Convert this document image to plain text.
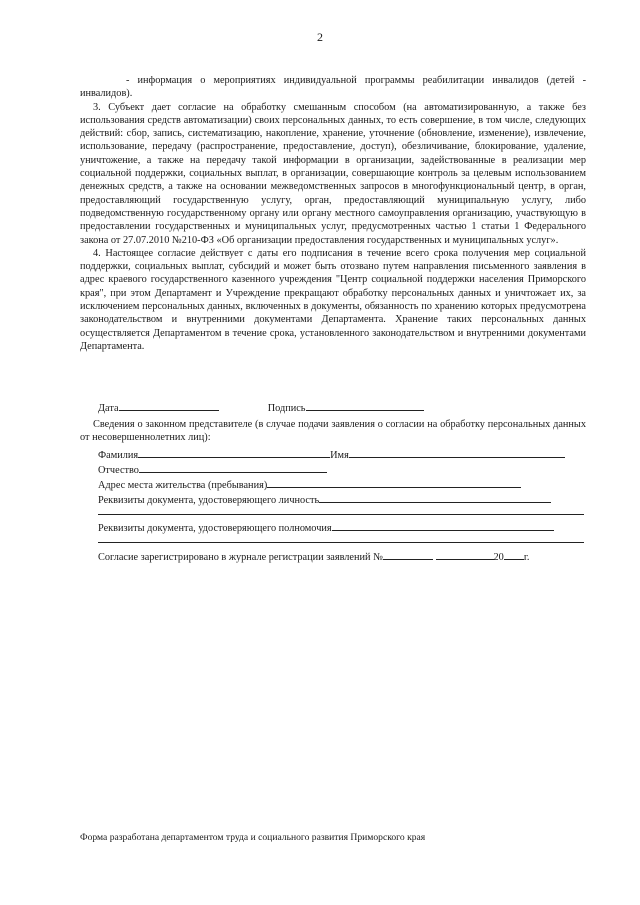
2

- информация о мероприятиях индивидуальной программы реабилитации инвалидов (детей - инвалидов).

3. Субъект дает согласие на обработку смешанным способом (на автоматизированную, а также без использования средств автоматизации) своих персональных данных, то есть совершение, в том числе, следующих действий: сбор, запись, систематизацию, накопление, хранение, уточнение (обновление, изменение), извлечение, использование, передачу (распространение, предоставление, доступ), обезличивание, блокирование, удаление, уничтожение, а также на передачу такой информации в организации, задействованные в реализации мер социальной поддержки, социальных выплат, в организации, совершающие контроль за целевым использованием денежных средств, а также на основании межведомственных запросов в многофункциональный центр, в орган, предоставляющий государственную услугу, орган, предоставляющий муниципальную услугу, либо подведомственную государственному органу или органу местного самоуправления организацию, участвующую в предоставлении государственных и муниципальных услуг, предусмотренных частью 1 статьи 1 Федерального закона от 27.07.2010 №210-ФЗ «Об организации предоставления государственных и муниципальных услуг».

4. Настоящее согласие действует с даты его подписания в течение всего срока получения мер социальной поддержки, социальных выплат, субсидий и может быть отозвано путем направления письменного заявления в адрес краевого государственного казенного учреждения "Центр социальной поддержки населения Приморского края", при этом Департамент и Учреждение прекращают обработку персональных данных и уничтожает их, за исключением персональных данных, включенных в документы, обязанность по хранению которых предусмотрена законодательством и внутренними документами Департамента. Хранение таких персональных данных осуществляется Департаментом в течение срока, установленного законодательством и внутренними документами Департамента.

Дата	Подпись

Сведения о законном представителе (в случае подачи заявления о согласии на обработку персональных данных от несовершеннолетних лиц):

Фамилия	Имя
Отчество
Адрес места жительства (пребывания)
Реквизиты документа, удостоверяющего личность
Реквизиты документа, удостоверяющего полномочия
Согласие зарегистрировано в журнале регистрации заявлений №	20 г.
Форма разработана департаментом труда и социального развития Приморского края
